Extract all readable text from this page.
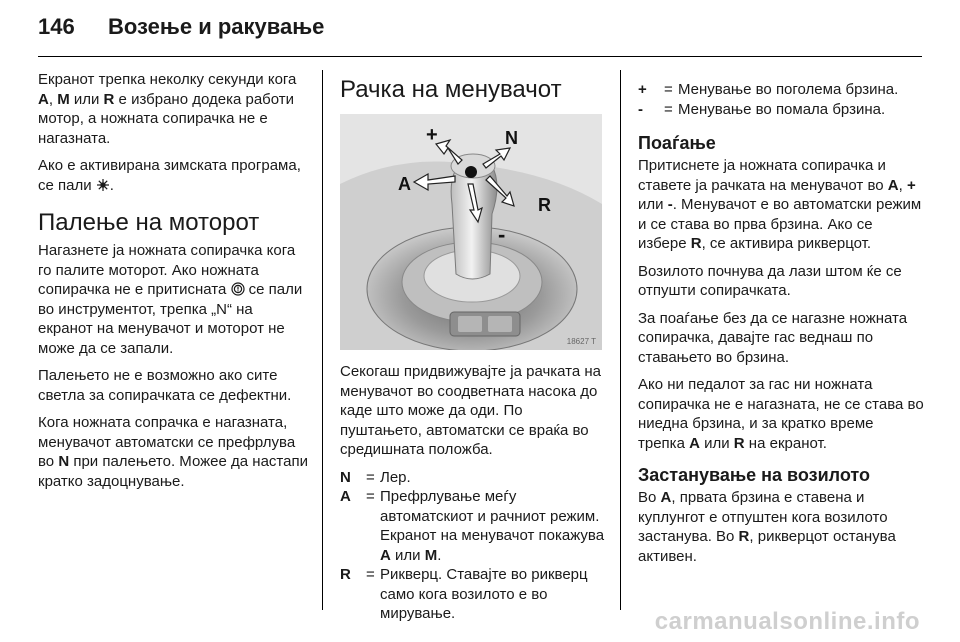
146	Возење и ракување

Екранот трепка неколку секунди кога A, M или R е избрано додека работи мотор, а ножната сопирачка не е нагазната.

Ако е активирана зимската програма, се пали .

Палење на моторот

Нагазнете ја ножната сопирачка кога го палите моторот. Ако ножната сопирачка не е притисната  се пали во инструментот, трепка „N“ на екранот на менувачот и моторот не може да се запали.

Палењето не е возможно ако сите светла за сопирачката се дефектни.

Кога ножната сопрачка е нагазната, менувачот автоматски се префрлува во N при палењето. Можее да настапи кратко задоцнување.

Рачка на менувачот
+	N
A
R
-
18627 T

Секогаш придвижувајте ја рачката на менувачот во соодветната насока до каде што може да оди. По пуштањето, автоматски се враќа во средишната положба.

N	= Лер.
A	= Префрлување меѓу автоматскиот и рачниот режим. Екранот на менувачот покажува A или M.
R	= Рикверц. Ставајте во рикверц само кога возилото е во мирување.
+	= Менување во поголема брзина.
-	= Менување во помала брзина.
Поаѓање

Притиснете ја ножната сопирачка и ставете ја рачката на менувачот во A, + или -. Менувачот е во автоматски режим и се става во прва брзина. Ако се избере R, се активира рикверцот.

Возилото почнува да лази штом ќе се отпушти сопирачката.

За поаѓање без да се нагазне ножната сопирачка, давајте гас веднаш по ставањето во брзина.

Ако ни педалот за гас ни ножната сопирачка не е нагазната, не се става во ниедна брзина, и за кратко време трепка A или R на екранот.

Застанување на возилото

Во A, првата брзина е ставена и куплунгот е отпуштен кога возилото застанува. Во R, рикверцот останува активен.

carmanualsonline.info
